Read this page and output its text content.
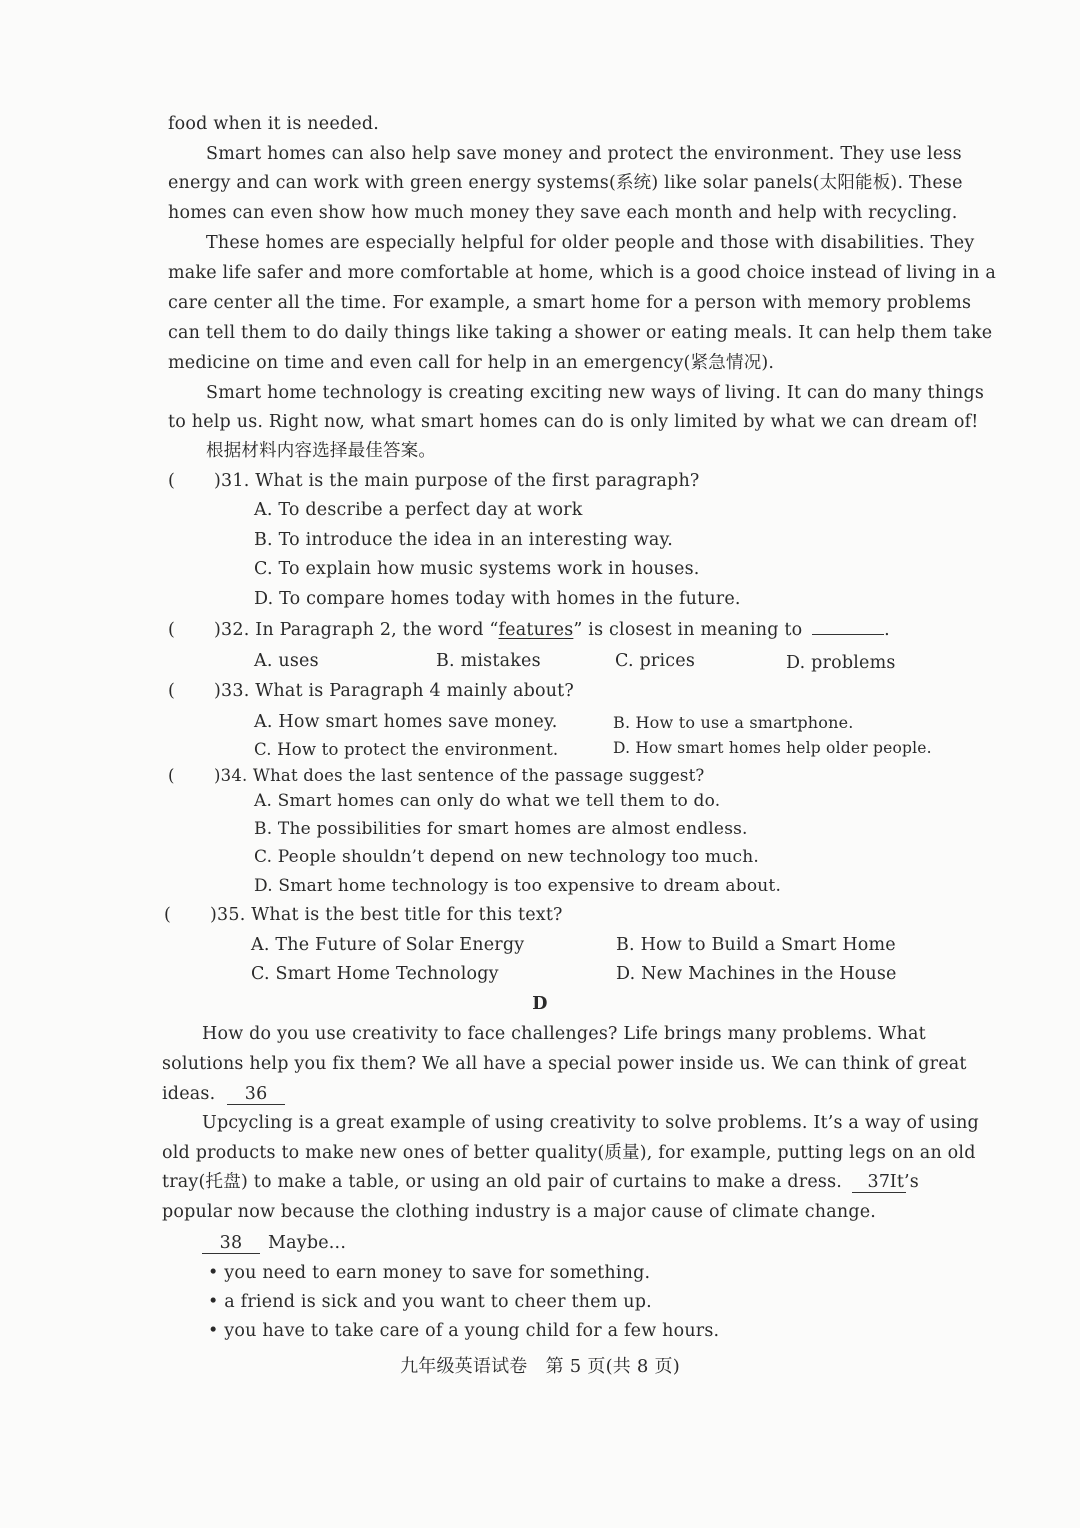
food when it is needed.
Smart homes can also help save money and protect the environment. They use less
energy and can work with green energy systems(系统) like solar panels(太阳能板). These
homes can even show how much money they save each month and help with recycling.
These homes are especially helpful for older people and those with disabilities. They
make life safer and more comfortable at home, which is a good choice instead of living in a
care center all the time. For example, a smart home for a person with memory problems
can tell them to do daily things like taking a shower or eating meals. It can help them take
medicine on time and even call for help in an emergency(紧急情况).
Smart home technology is creating exciting new ways of living. It can do many things
to help us. Right now, what smart homes can do is only limited by what we can dream of!
根据材料内容选择最佳答案。
( )31. What is the main purpose of the first paragraph?
A. To describe a perfect day at work
B. To introduce the idea in an interesting way.
C. To explain how music systems work in houses.
D. To compare homes today with homes in the future.
( )32. In Paragraph 2, the word “features” is closest in meaning to	.
A. uses	B. mistakes	C. prices	D. problems
( )33. What is Paragraph 4 mainly about?
A. How smart homes save money.	B. How to use a smartphone.
C. How to protect the environment.	D. How smart homes help older people.
( )34. What does the last sentence of the passage suggest?
A. Smart homes can only do what we tell them to do.
B. The possibilities for smart homes are almost endless.
C. People shouldn’t depend on new technology too much.
D. Smart home technology is too expensive to dream about.
( )35. What is the best title for this text?
A. The Future of Solar Energy	B. How to Build a Smart Home
C. Smart Home Technology	D. New Machines in the House
D
How do you use creativity to face challenges? Life brings many problems. What
solutions help you fix them? We all have a special power inside us. We can think of great
ideas. 36
Upcycling is a great example of using creativity to solve problems. It’s a way of using
old products to make new ones of better quality(质量), for example, putting legs on an old
tray(托盘) to make a table, or using an old pair of curtains to make a dress. 37 It’s
popular now because the clothing industry is a major cause of climate change.
38 Maybe...
• you need to earn money to save for something.
• a friend is sick and you want to cheer them up.
• you have to take care of a young child for a few hours.
九年级英语试卷　第 5 页(共 8 页)
